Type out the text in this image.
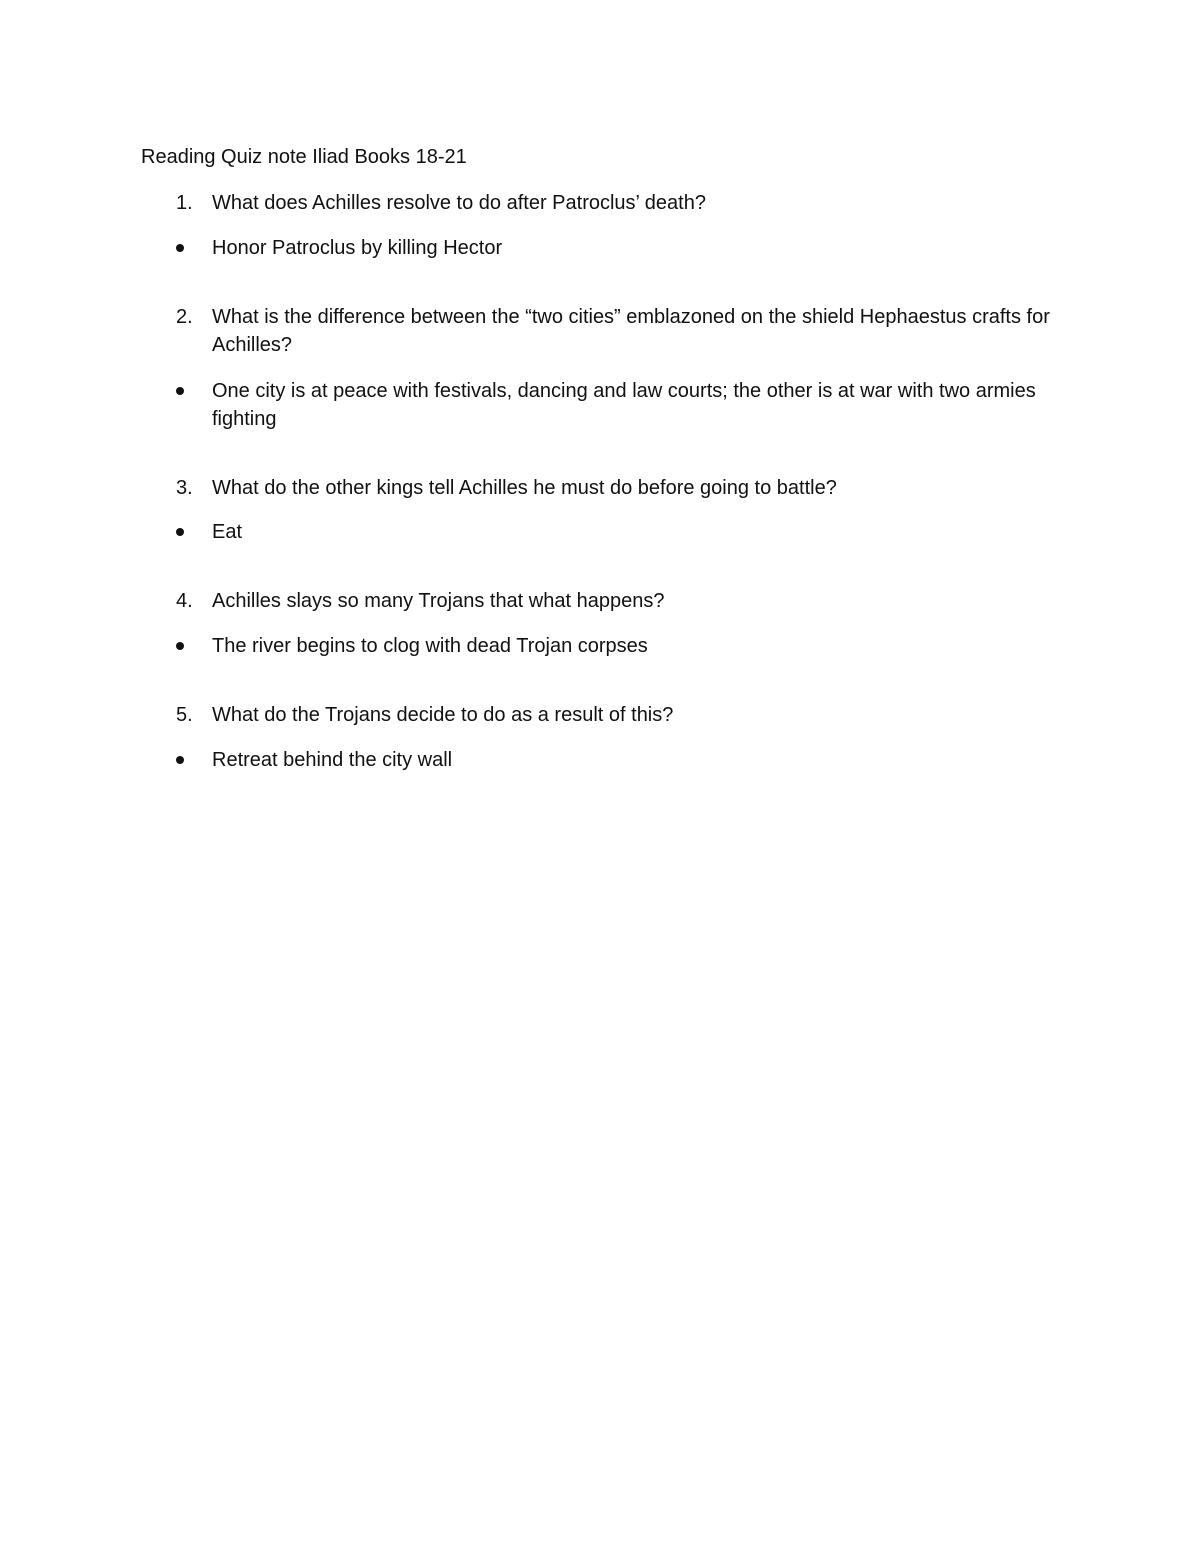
Reading Quiz note Iliad Books 18-21
1. What does Achilles resolve to do after Patroclus’ death?
Honor Patroclus by killing Hector
2. What is the difference between the “two cities” emblazoned on the shield Hephaestus crafts for Achilles?
One city is at peace with festivals, dancing and law courts; the other is at war with two armies fighting
3. What do the other kings tell Achilles he must do before going to battle?
Eat
4. Achilles slays so many Trojans that what happens?
The river begins to clog with dead Trojan corpses
5. What do the Trojans decide to do as a result of this?
Retreat behind the city wall
